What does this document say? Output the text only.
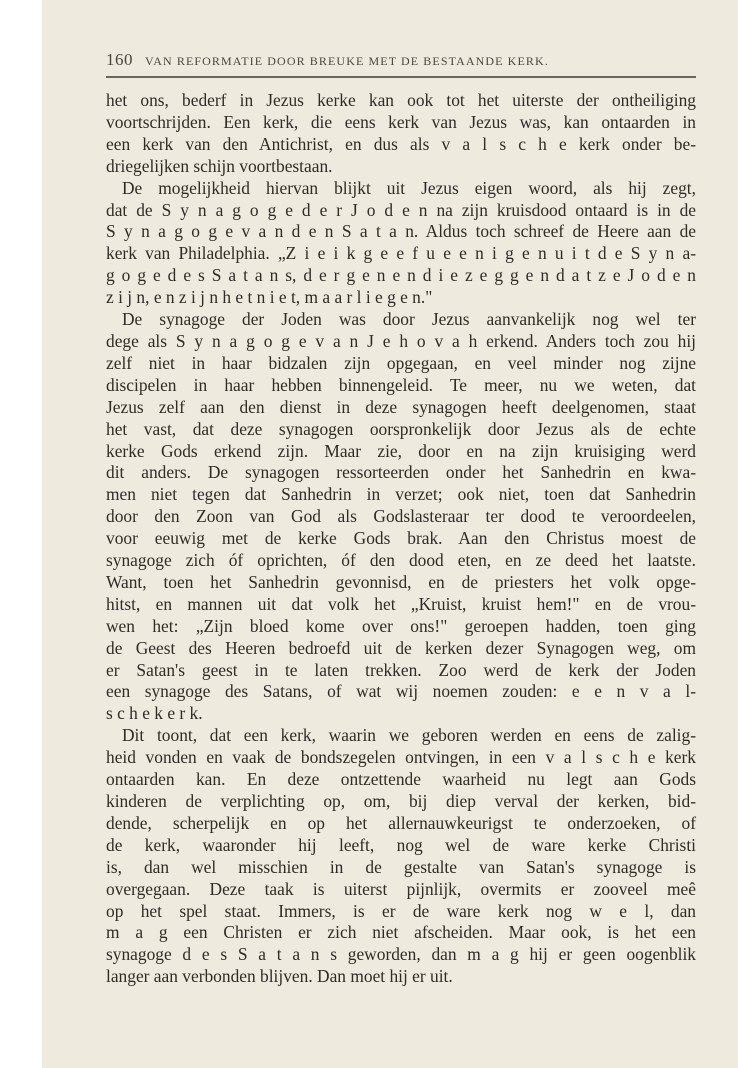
160 VAN REFORMATIE DOOR BREUKE MET DE BESTAANDE KERK.
het ons, bederf in Jezus kerke kan ook tot het uiterste der ontheiliging
voortschrijden. Een kerk, die eens kerk van Jezus was, kan ontaarden in
een kerk van den Antichrist, en dus als v a l s c h e kerk onder be-
driegelijken schijn voortbestaan.
De mogelijkheid hiervan blijkt uit Jezus eigen woord, als hij zegt,
dat de S y n a g o g e d e r J o d e n na zijn kruisdood ontaard is in de
S y n a g o g e v a n d e n S a t a n. Aldus toch schreef de Heere aan de
kerk van Philadelphia. „Z i e i k g e e f u e e n i g e n u i t d e S y n a-
g o g e d e s S a t a n s, d e r g e n e n d i e z e g g e n d a t z e J o d e n
z i j n, e n z i j n h e t n i e t, m a a r l i e g e n."
De synagoge der Joden was door Jezus aanvankelijk nog wel ter
dege als S y n a g o g e v a n J e h o v a h erkend. Anders toch zou hij
zelf niet in haar bidzalen zijn opgegaan, en veel minder nog zijne
discipelen in haar hebben binnengeleid. Te meer, nu we weten, dat
Jezus zelf aan den dienst in deze synagogen heeft deelgenomen, staat
het vast, dat deze synagogen oorspronkelijk door Jezus als de echte
kerke Gods erkend zijn. Maar zie, door en na zijn kruisiging werd
dit anders. De synagogen ressorteerden onder het Sanhedrin en kwa-
men niet tegen dat Sanhedrin in verzet; ook niet, toen dat Sanhedrin
door den Zoon van God als Godslasteraar ter dood te veroordeelen,
voor eeuwig met de kerke Gods brak. Aan den Christus moest de
synagoge zich óf oprichten, óf den dood eten, en ze deed het laatste.
Want, toen het Sanhedrin gevonnisd, en de priesters het volk opge-
hitst, en mannen uit dat volk het „Kruist, kruist hem!" en de vrou-
wen het: „Zijn bloed kome over ons!" geroepen hadden, toen ging
de Geest des Heeren bedroefd uit de kerken dezer Synagogen weg, om
er Satan's geest in te laten trekken. Zoo werd de kerk der Joden
een synagoge des Satans, of wat wij noemen zouden: e e n v a l-
s c h e k e r k.
Dit toont, dat een kerk, waarin we geboren werden en eens de zalig-
heid vonden en vaak de bondszegelen ontvingen, in een v a l s c h e kerk
ontaarden kan. En deze ontzettende waarheid nu legt aan Gods
kinderen de verplichting op, om, bij diep verval der kerken, bid-
dende, scherpelijk en op het allernauwkeurigst te onderzoeken, of
de kerk, waaronder hij leeft, nog wel de ware kerke Christi
is, dan wel misschien in de gestalte van Satan's synagoge is
overgegaan. Deze taak is uiterst pijnlijk, overmits er zooveel meê
op het spel staat. Immers, is er de ware kerk nog w e l, dan
m a g een Christen er zich niet afscheiden. Maar ook, is het een
synagoge d e s S a t a n s geworden, dan m a g hij er geen oogenblik
langer aan verbonden blijven. Dan moet hij er uit.
